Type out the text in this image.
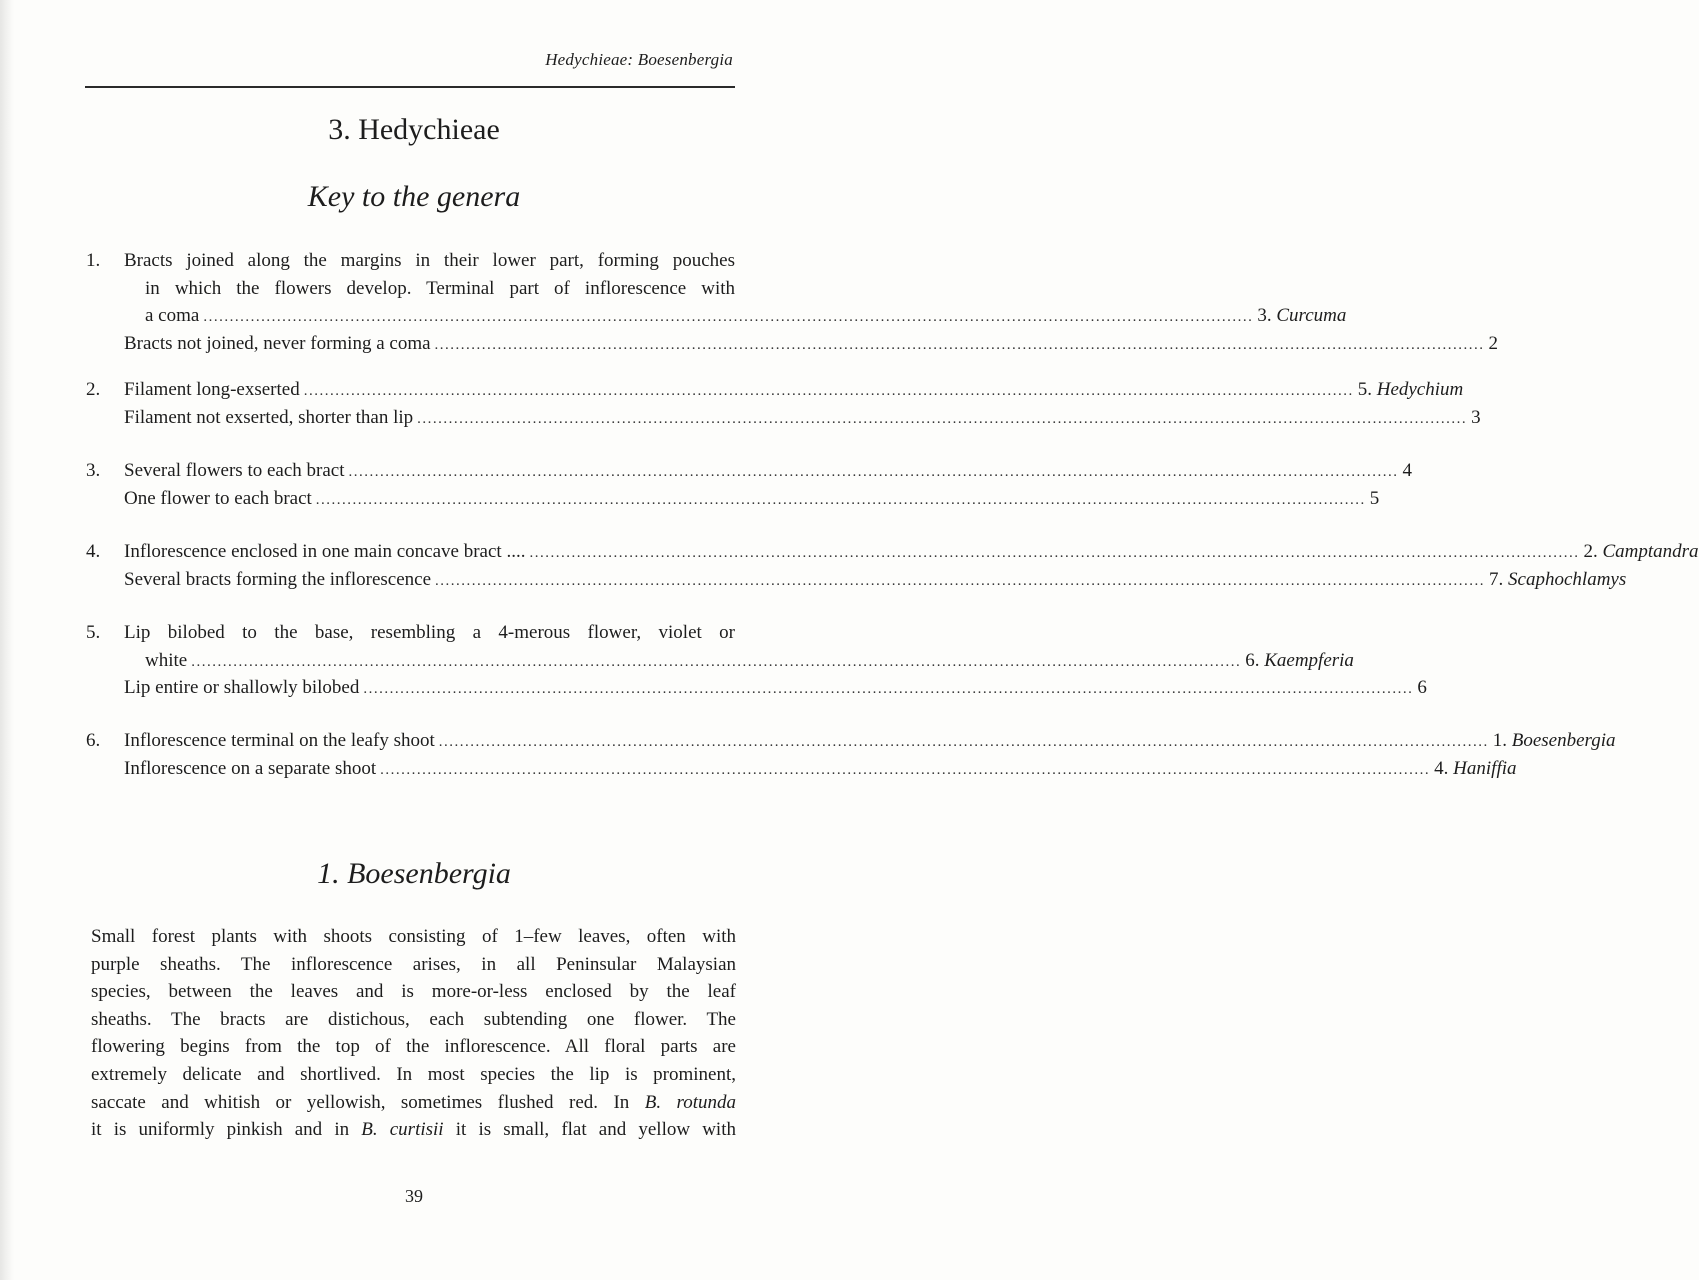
Hedychieae: Boesenbergia
3. Hedychieae
Key to the genera
1. Bracts joined along the margins in their lower part, forming pouches
in which the flowers develop. Terminal part of inflorescence with
a coma ........................................................................................................................................................................................................ 3. Curcuma
Bracts not joined, never forming a coma ........................................................................................................................................................................................................ 2
2. Filament long-exserted ........................................................................................................................................................................................................ 5. Hedychium
Filament not exserted, shorter than lip ........................................................................................................................................................................................................ 3
3. Several flowers to each bract ........................................................................................................................................................................................................ 4
One flower to each bract ........................................................................................................................................................................................................ 5
4. Inflorescence enclosed in one main concave bract .... ........................................................................................................................................................................................................ 2. Camptandra
Several bracts forming the inflorescence ........................................................................................................................................................................................................ 7. Scaphochlamys
5. Lip bilobed to the base, resembling a 4-merous flower, violet or
white ........................................................................................................................................................................................................ 6. Kaempferia
Lip entire or shallowly bilobed ........................................................................................................................................................................................................ 6
6. Inflorescence terminal on the leafy shoot ........................................................................................................................................................................................................ 1. Boesenbergia
Inflorescence on a separate shoot ........................................................................................................................................................................................................ 4. Haniffia
1. Boesenbergia
Small forest plants with shoots consisting of 1–few leaves, often with
purple sheaths. The inflorescence arises, in all Peninsular Malaysian
species, between the leaves and is more-or-less enclosed by the leaf
sheaths. The bracts are distichous, each subtending one flower. The
flowering begins from the top of the inflorescence. All floral parts are
extremely delicate and shortlived. In most species the lip is prominent,
saccate and whitish or yellowish, sometimes flushed red. In B. rotunda
it is uniformly pinkish and in B. curtisii it is small, flat and yellow with
39
